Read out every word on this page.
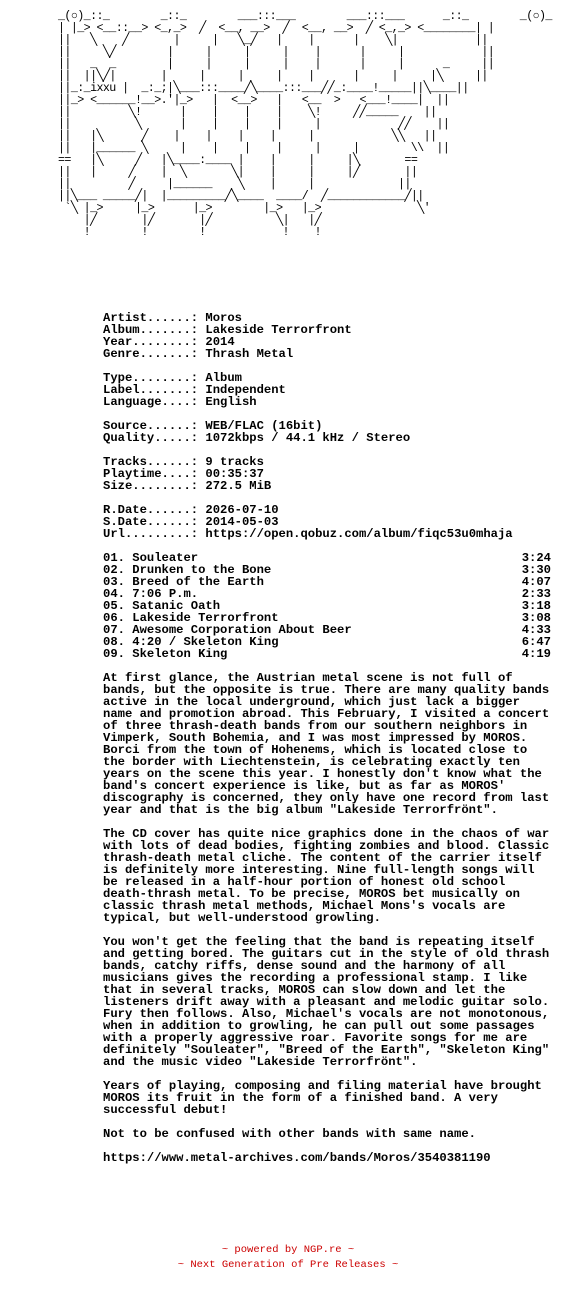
_(○)_::_        _::_        ___:::___        ___:::___      _::_        _(○)_
| |_> <__::__> <_,_>  ╱  <__, __>  ╱  <__, __>  ╱ <_,_> <________| |
||   ╲    ╱       |     |   ╲_╱   |    |      |    ╲|            ||
||     ╲╱        |     |     |     |    |      |     |            ||
||   _  _        |     |     |     |    |      |     |      _     ||
||  ||╲╱|       |     |     |     |    |      |     |     |╲     ||
||_:_ixxu |  _:_;|╲___:::____╱╲____:::___╱╱_:____!_____||╲____||
||_> <______!__>.'|_>   |  <__>   |   <__  >   <___!____|  ||
||         ╲!      |    |    |    |    ╲!     ╱╱_____    ||
||          ╲      |    |    |    |     |            ╱╱    ||
||   |╲      ╱    |    |    |    |     |            ╲╲   ||
||   |______ ╲     |    |    |    |     |     |        \\  ||
==   |╲     ╱   |╲____:____ |    |     |     |╲       ==
||   |     ╱    |  ╲       ╲|    |     |     |╱       ||
||         ╱     |______    ╲    |     |             ||
||╲___ _____╱|  |_________╱╲____  ____/  ╱____________╱||
`╲ |_>     |_>      |_>        |_>   |_>               ╲'
|╱       |╱       |╱          ╲|   |╱
!        !        !            !    !
Artist......: Moros
Album.......: Lakeside Terrorfront
Year........: 2014
Genre.......: Thrash Metal
Type........: Album
Label.......: Independent
Language....: English
Source......: WEB/FLAC (16bit)
Quality.....: 1072kbps / 44.1 kHz / Stereo
Tracks......: 9 tracks
Playtime....: 00:35:37
Size........: 272.5 MiB
R.Date......: 2026-07-10
S.Date......: 2014-05-03
Url.........: https://open.qobuz.com/album/fiqc53u0mhaja
01. Souleater	3:24
02. Drunken to the Bone	3:30
03. Breed of the Earth	4:07
04. 7:06 P.m.	2:33
05. Satanic Oath	3:18
06. Lakeside Terrorfront	3:08
07. Awesome Corporation About Beer	4:33
08. 4:20 / Skeleton King	6:47
09. Skeleton King	4:19

At first glance, the Austrian metal scene is not full of bands, but the opposite is true. There are many quality bands active in the local underground, which just lack a bigger name and promotion abroad. This February, I visited a concert of three thrash-death bands from our southern neighbors in Vimperk, South Bohemia, and I was most impressed by MOROS. Borci from the town of Hohenems, which is located close to the border with Liechtenstein, is celebrating exactly ten years on the scene this year. I honestly don't know what the band's concert experience is like, but as far as MOROS' discography is concerned, they only have one record from last year and that is the big album "Lakeside Terrorfrönt".

The CD cover has quite nice graphics done in the chaos of war with lots of dead bodies, fighting zombies and blood. Classic thrash-death metal cliche. The content of the carrier itself is definitely more interesting. Nine full-length songs will be released in a half-hour portion of honest old school death-thrash metal. To be precise, MOROS bet musically on classic thrash metal methods, Michael Mons's vocals are typical, but well-understood growling.

You won't get the feeling that the band is repeating itself and getting bored. The guitars cut in the style of old thrash bands, catchy riffs, dense sound and the harmony of all musicians gives the recording a professional stamp. I like that in several tracks, MOROS can slow down and let the listeners drift away with a pleasant and melodic guitar solo. Fury then follows. Also, Michael's vocals are not monotonous, when in addition to growling, he can pull out some passages with a properly aggressive roar. Favorite songs for me are definitely "Souleater", "Breed of the Earth", "Skeleton King" and the music video "Lakeside Terrorfrönt".

Years of playing, composing and filing material have brought MOROS its fruit in the form of a finished band. A very successful debut!

Not to be confused with other bands with same name.

https://www.metal-archives.com/bands/Moros/3540381190

~ powered by NGP.re ~
~ Next Generation of Pre Releases ~
